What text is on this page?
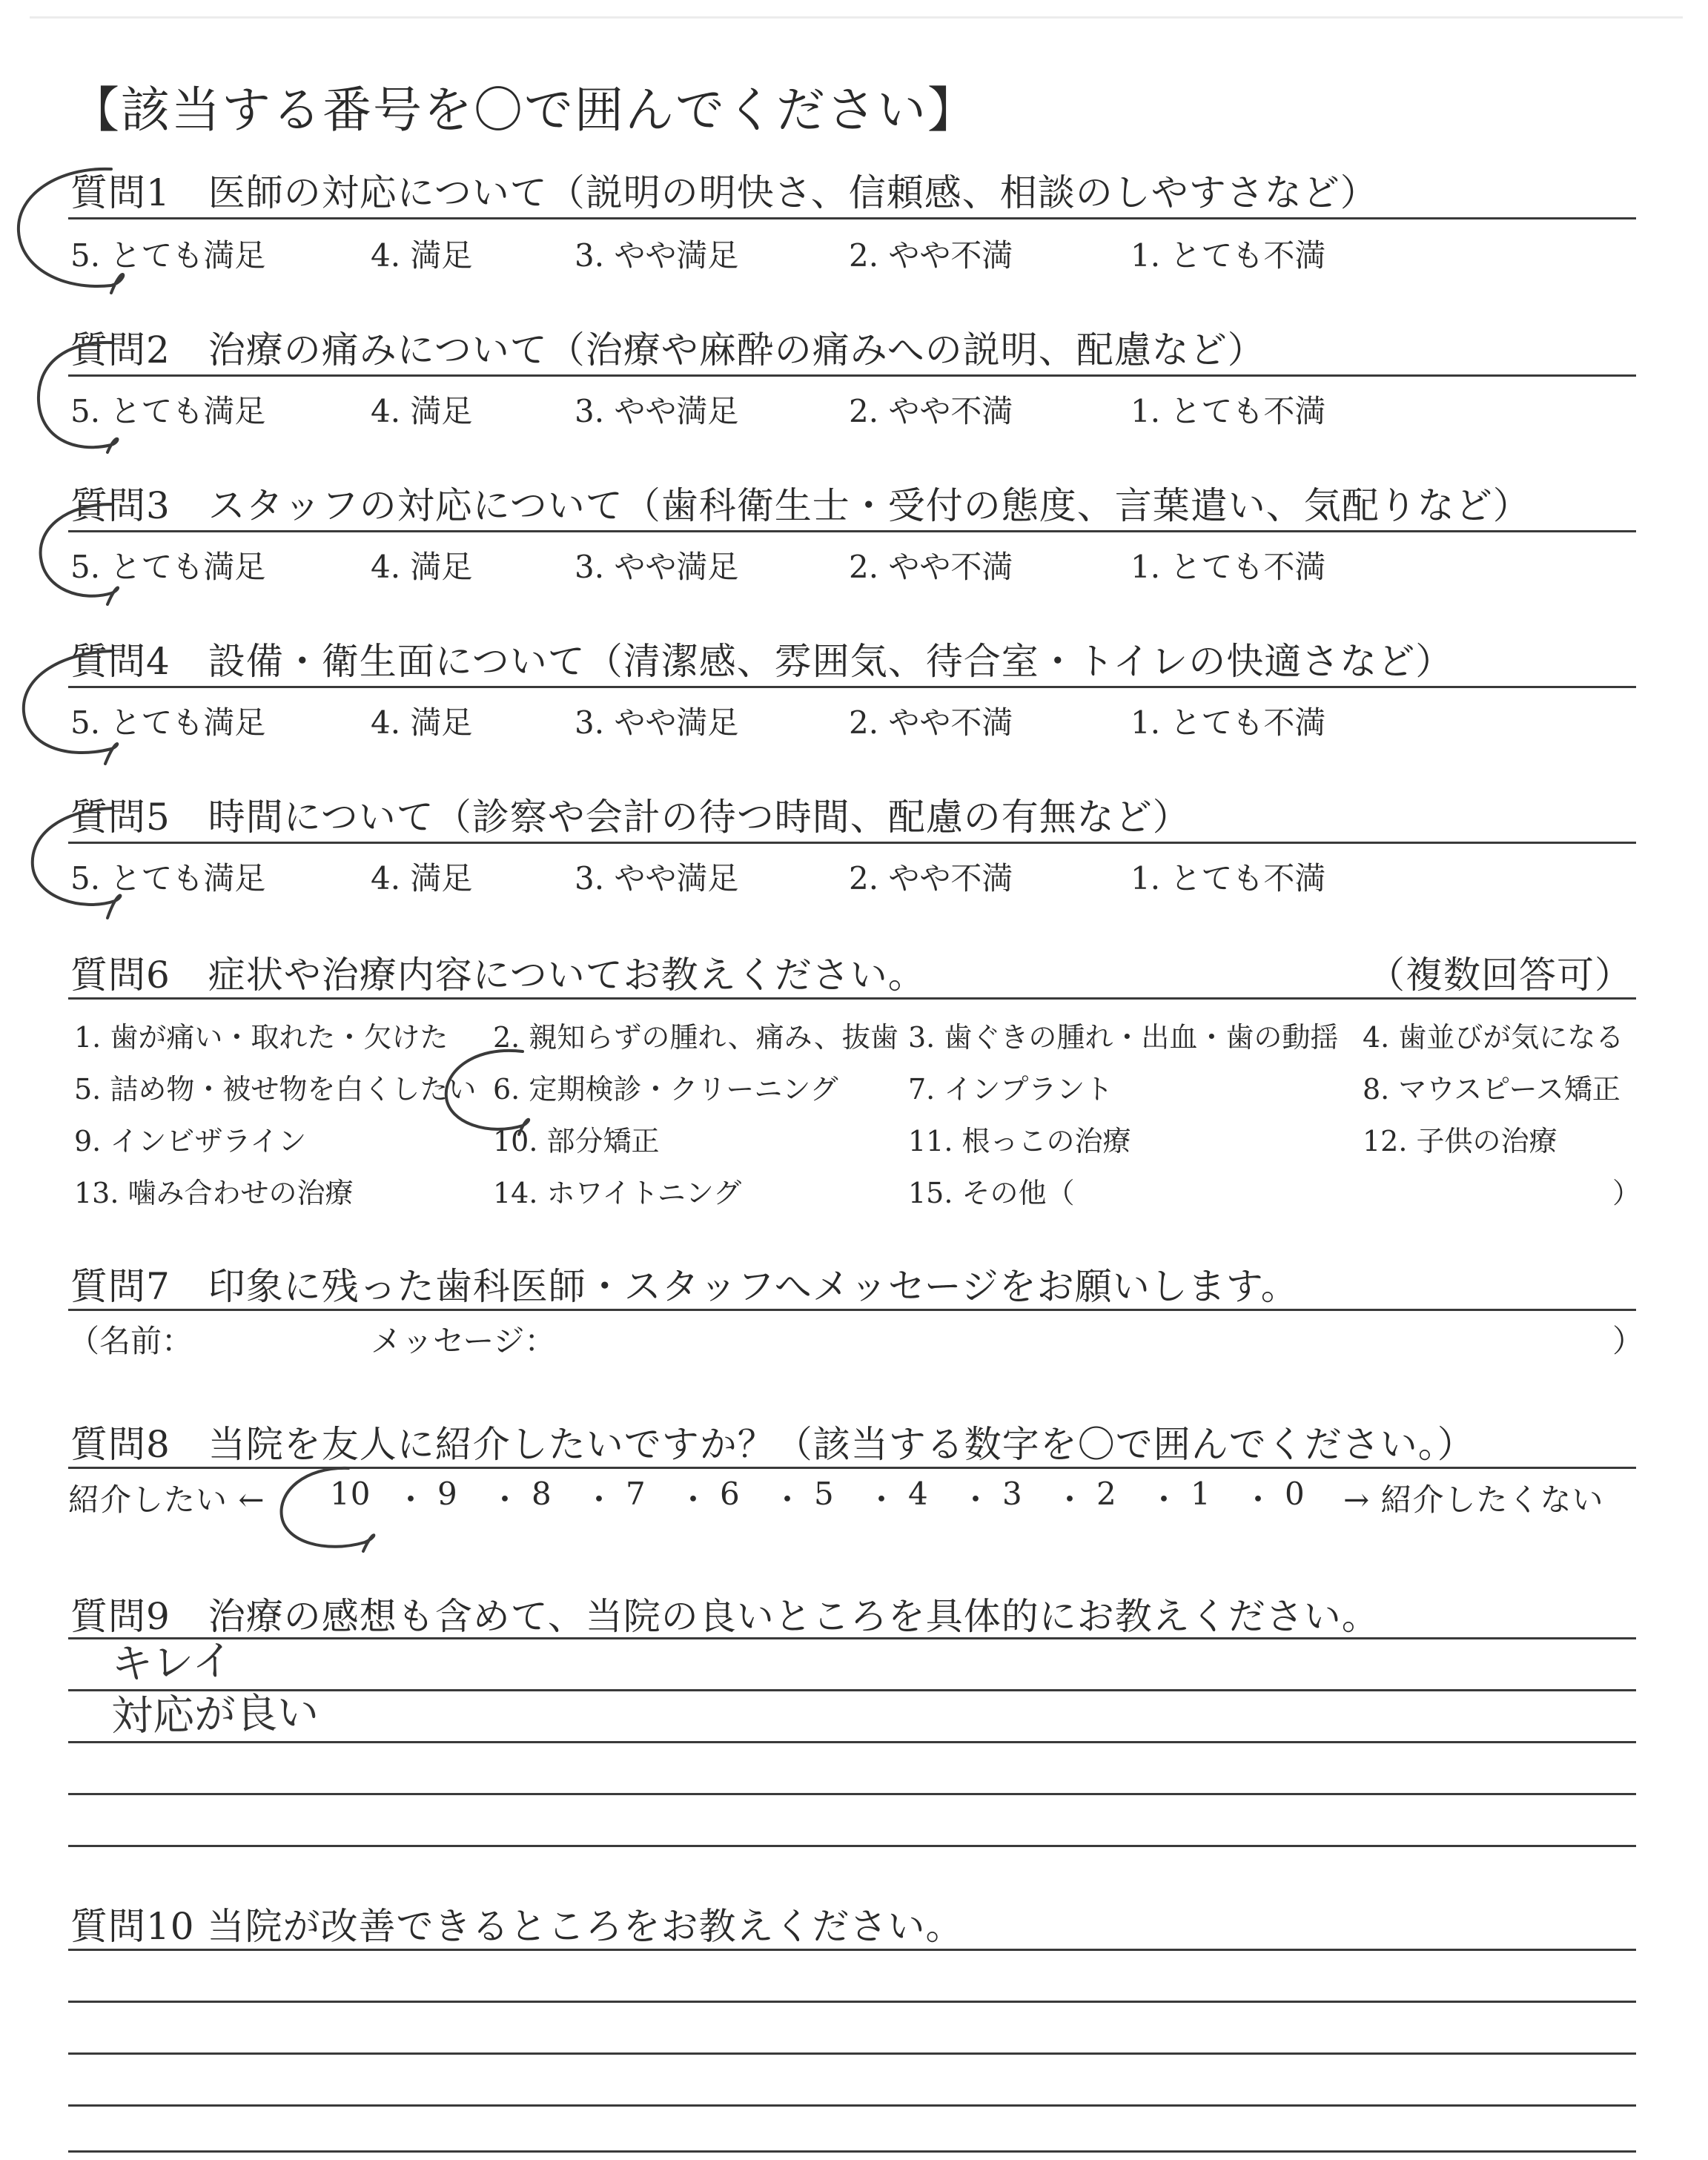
【該当する番号を〇で囲んでください】
質問1　医師の対応について（説明の明快さ、信頼感、相談のしやすさなど）
5. とても満足	4. 満足	3. やや満足	2. やや不満	1. とても不満
質問2　治療の痛みについて（治療や麻酔の痛みへの説明、配慮など）
5. とても満足	4. 満足	3. やや満足	2. やや不満	1. とても不満
質問3　スタッフの対応について（歯科衛生士・受付の態度、言葉遣い、気配りなど）
5. とても満足	4. 満足	3. やや満足	2. やや不満	1. とても不満
質問4　設備・衛生面について（清潔感、雰囲気、待合室・トイレの快適さなど）
5. とても満足	4. 満足	3. やや満足	2. やや不満	1. とても不満
質問5　時間について（診察や会計の待つ時間、配慮の有無など）
5. とても満足	4. 満足	3. やや満足	2. やや不満	1. とても不満
質問6　症状や治療内容についてお教えください。	（複数回答可）
1. 歯が痛い・取れた・欠けた 2. 親知らずの腫れ、痛み、抜歯 3. 歯ぐきの腫れ・出血・歯の動揺 4. 歯並びが気になる
5. 詰め物・被せ物を白くしたい 6. 定期検診・クリーニング 7. インプラント	8. マウスピース矯正
9. インビザライン	10. 部分矯正	11. 根っこの治療	12. 子供の治療
13. 噛み合わせの治療	14. ホワイトニング	15. その他（	）
質問7　印象に残った歯科医師・スタッフへメッセージをお願いします。
（名前：	メッセージ：	）
質問8　当院を友人に紹介したいですか？（該当する数字を〇で囲んでください。）
紹介したい ← 10 ・ 9 ・ 8 ・ 7 ・ 6 ・ 5 ・ 4 ・ 3 ・ 2 ・ 1 ・ 0 → 紹介したくない
質問9　治療の感想も含めて、当院の良いところを具体的にお教えください。
キレイ
対応が良い
質問10 当院が改善できるところをお教えください。
